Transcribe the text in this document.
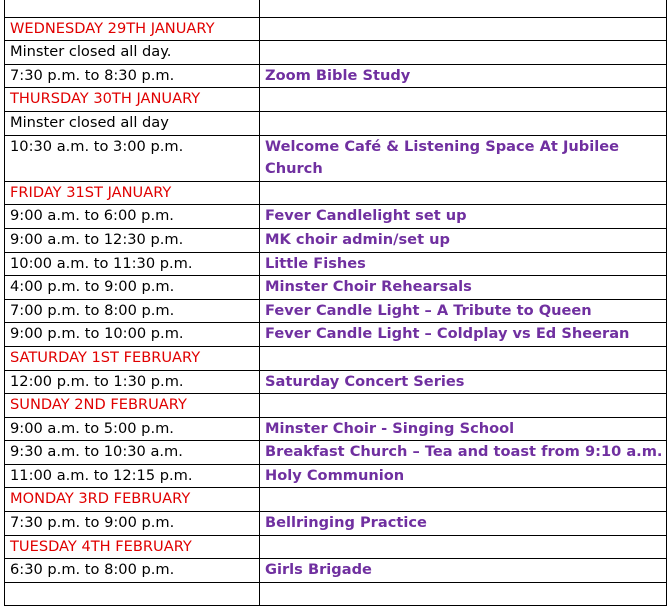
WEDNESDAY 29TH JANUARY	
Minster closed all day.	
7:30 p.m. to 8:30 p.m.	Zoom Bible Study
THURSDAY 30TH JANUARY	
Minster closed all day	
10:30 a.m. to 3:00 p.m.	Welcome Café & Listening Space At Jubilee Church
FRIDAY 31ST JANUARY	
9:00 a.m. to 6:00 p.m.	Fever Candlelight set up
9:00 a.m. to 12:30 p.m.	MK choir admin/set up
10:00 a.m. to 11:30 p.m.	Little Fishes
4:00 p.m. to 9:00 p.m.	Minster Choir Rehearsals
7:00 p.m. to 8:00 p.m.	Fever Candle Light – A Tribute to Queen
9:00 p.m. to 10:00 p.m.	Fever Candle Light – Coldplay vs Ed Sheeran
SATURDAY 1ST FEBRUARY	
12:00 p.m. to 1:30 p.m.	Saturday Concert Series
SUNDAY 2ND FEBRUARY	
9:00 a.m. to 5:00 p.m.	Minster Choir - Singing School
9:30 a.m. to 10:30 a.m.	Breakfast Church – Tea and toast from 9:10 a.m.
11:00 a.m. to 12:15 p.m.	Holy Communion
MONDAY 3RD FEBRUARY	
7:30 p.m. to 9:00 p.m.	Bellringing Practice
TUESDAY 4TH FEBRUARY	
6:30 p.m. to 8:00 p.m.	Girls Brigade
